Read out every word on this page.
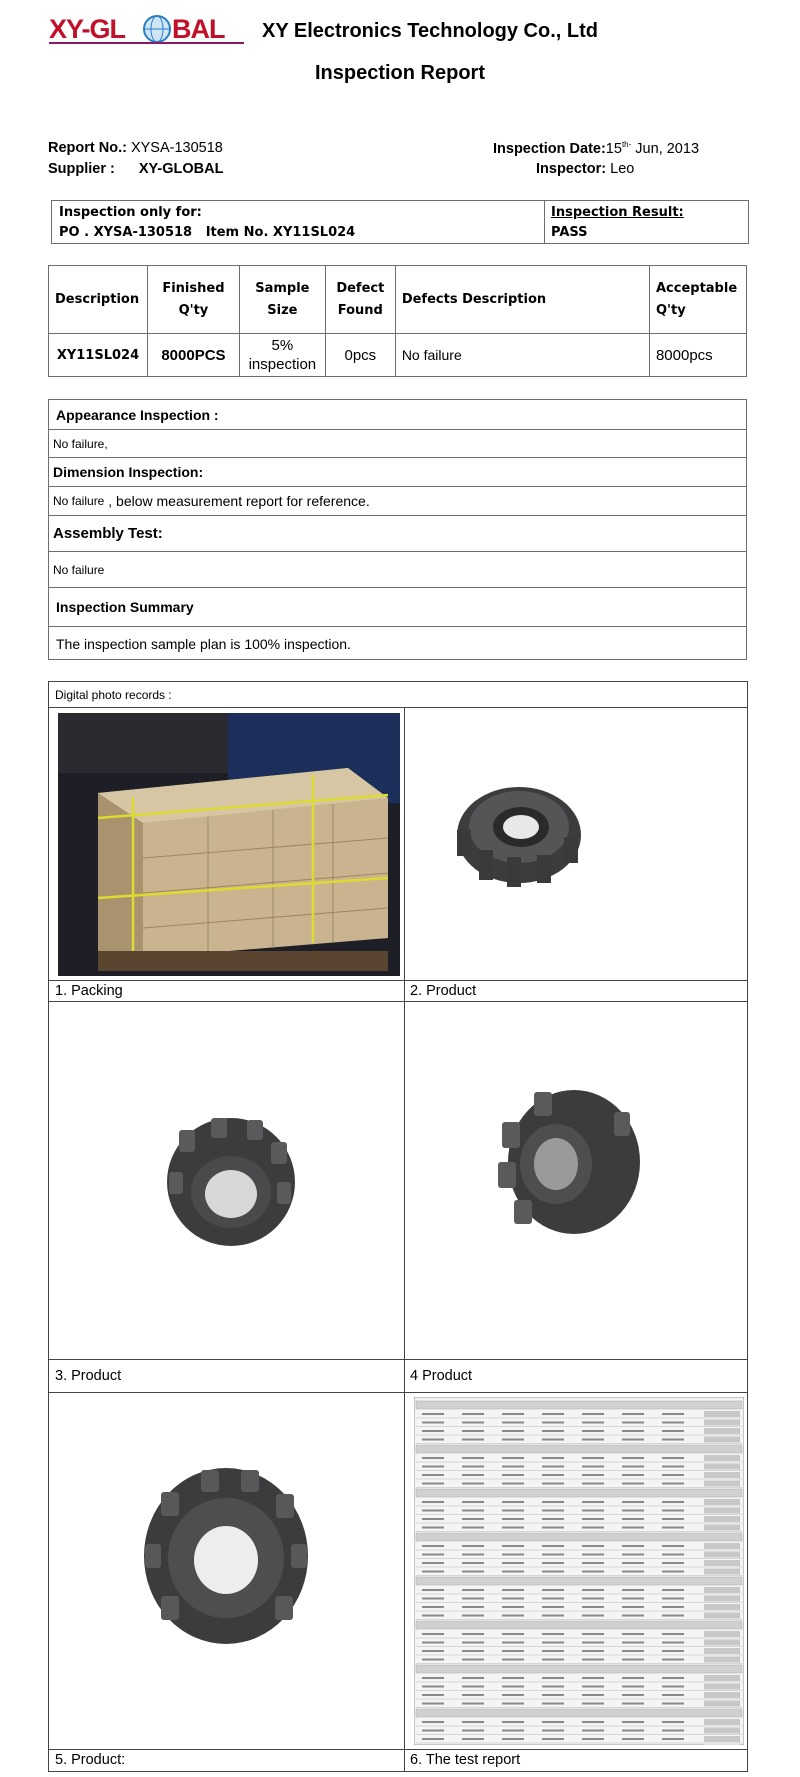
XY-GL BAL XY Electronics Technology Co., Ltd
Inspection Report
Report No.: XYSA-130518
Supplier : XY-GLOBAL
Inspection $Date:15^{th-}$ Jun, 2013
Inspector: Leo
Inspection only for:
PO . XYSA-130518 Item No. XY11SL024
Inspection Result:
PASS
Description	Finished Q'ty	Sample Size	Defect Found	Defects Description	Acceptable Q'ty
XY11SL024	8000PCS	5% inspection	0pcs	No failure	8000pcs
Appearance Inspection :
No failure,
Dimension Inspection:
No failure , below measurement report for reference.
Assembly Test:
No failure
Inspection Summary
The inspection sample plan is 100% inspection.
Digital photo records :
1. Packing	2. Product
3. Product	4 Product
5. Product:	6. The test report
